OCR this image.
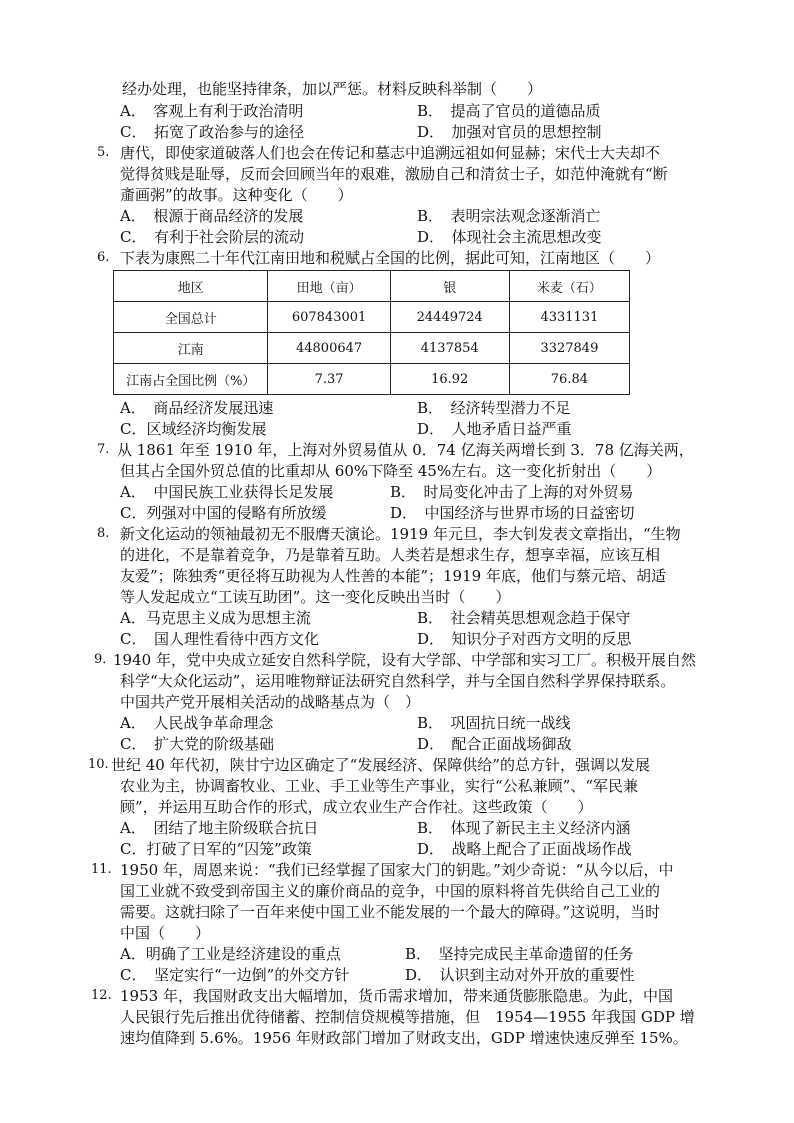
经办处理，也能坚持律条，加以严惩。材料反映科举制（　　）
A．　客观上有利于政治清明	B．　提高了官员的道德品质
C．　拓宽了政治参与的途径	D．　加强对官员的思想控制
5. 唐代，即使家道破落人们也会在传记和墓志中追溯远祖如何显赫；宋代士大夫却不
觉得贫贱是耻辱，反而会回顾当年的艰难，激励自己和清贫士子，如范仲淹就有“断
齑画粥”的故事。这种变化（　　）
A．　根源于商品经济的发展	B．　表明宗法观念逐渐消亡
C．　有利于社会阶层的流动	D．　体现社会主流思想改变
6. 下表为康熙二十年代江南田地和税赋占全国的比例，据此可知，江南地区（　　）
地区	田地（亩）	银	米麦（石）
全国总计	607843001	24449724	4331131
江南	44800647	4137854	3327849
江南占全国比例（%）	7.37	16.92	76.84
A．　商品经济发展迅速	B．　经济转型潜力不足
C．区域经济均衡发展	D．　人地矛盾日益严重
7. 从 1861 年至 1910 年，上海对外贸易值从 0．74 亿海关两增长到 3．78 亿海关两，
但其占全国外贸总值的比重却从 60%下降至 45%左右。这一变化折射出（　　）
A．　中国民族工业获得长足发展	B．　时局变化冲击了上海的对外贸易
C．列强对中国的侵略有所放缓	D．　中国经济与世界市场的日益密切
8. 新文化运动的领袖最初无不服膺天演论。1919 年元旦，李大钊发表文章指出，“生物
的进化，不是靠着竞争，乃是靠着互助。人类若是想求生存，想享幸福，应该互相
友爱”；陈独秀“更径将互助视为人性善的本能”；1919 年底，他们与蔡元培、胡适
等人发起成立“工读互助团”。这一变化反映出当时（　　）
A．马克思主义成为思想主流	B．　社会精英思想观念趋于保守
C．　国人理性看待中西方文化	D．　知识分子对西方文明的反思
9．
1940 年，党中央成立延安自然科学院，设有大学部、中学部和实习工厂。积极开展自然
科学“大众化运动”，运用唯物辩证法研究自然科学，并与全国自然科学界保持联系。
中国共产党开展相关活动的战略基点为（　）
A．　人民战争革命理念	B．　巩固抗日统一战线
C．　扩大党的阶级基础	D．　配合正面战场御敌
10. 世纪 40 年代初，陕甘宁边区确定了“发展经济、保障供给”的总方针，强调以发展
农业为主，协调畜牧业、工业、手工业等生产事业，实行“公私兼顾”、“军民兼
顾”，并运用互助合作的形式，成立农业生产合作社。这些政策（　　）
A．　团结了地主阶级联合抗日	B．　体现了新民主主义经济内涵
C．打破了日军的“囚笼”政策	D．　战略上配合了正面战场作战
11. 1950 年，周恩来说：“我们已经掌握了国家大门的钥匙。”刘少奇说：“从今以后，中
国工业就不致受到帝国主义的廉价商品的竞争，中国的原料将首先供给自己工业的
需要。这就扫除了一百年来使中国工业不能发展的一个最大的障碍。”这说明，当时
中国（　　）
A．明确了工业是经济建设的重点	B．　坚持完成民主革命遗留的任务
C．　坚定实行“一边倒”的外交方针	D．　认识到主动对外开放的重要性
12. 1953 年，我国财政支出大幅增加，货币需求增加，带来通货膨胀隐患。为此，中国
人民银行先后推出优待储蓄、控制信贷规模等措施，但　1954—1955 年我国 GDP 增
速均值降到 5.6%。1956 年财政部门增加了财政支出，GDP 增速快速反弹至 15%。
